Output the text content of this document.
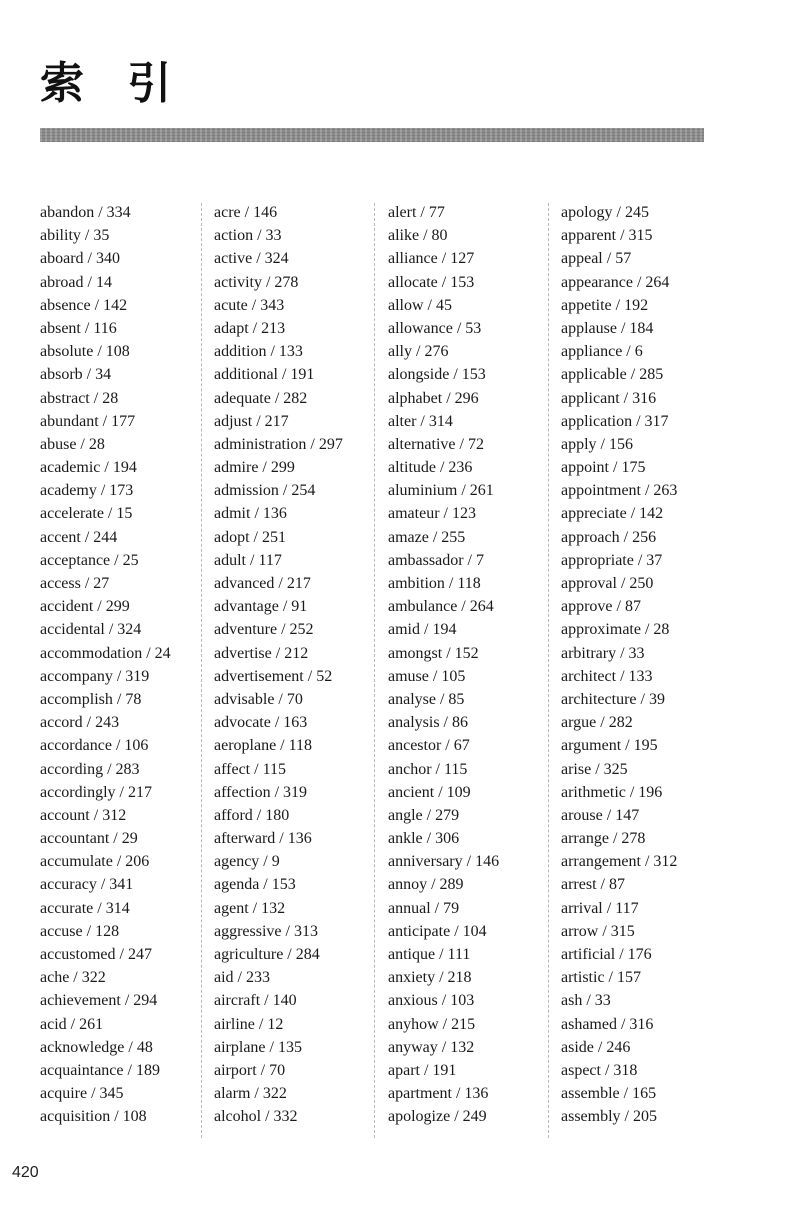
索 引
abandon / 334
ability / 35
aboard / 340
abroad / 14
absence / 142
absent / 116
absolute / 108
absorb / 34
abstract / 28
abundant / 177
abuse / 28
academic / 194
academy / 173
accelerate / 15
accent / 244
acceptance / 25
access / 27
accident / 299
accidental / 324
accommodation / 24
accompany / 319
accomplish / 78
accord / 243
accordance / 106
according / 283
accordingly / 217
account / 312
accountant / 29
accumulate / 206
accuracy / 341
accurate / 314
accuse / 128
accustomed / 247
ache / 322
achievement / 294
acid / 261
acknowledge / 48
acquaintance / 189
acquire / 345
acquisition / 108
acre / 146
action / 33
active / 324
activity / 278
acute / 343
adapt / 213
addition / 133
additional / 191
adequate / 282
adjust / 217
administration / 297
admire / 299
admission / 254
admit / 136
adopt / 251
adult / 117
advanced / 217
advantage / 91
adventure / 252
advertise / 212
advertisement / 52
advisable / 70
advocate / 163
aeroplane / 118
affect / 115
affection / 319
afford / 180
afterward / 136
agency / 9
agenda / 153
agent / 132
aggressive / 313
agriculture / 284
aid / 233
aircraft / 140
airline / 12
airplane / 135
airport / 70
alarm / 322
alcohol / 332
alert / 77
alike / 80
alliance / 127
allocate / 153
allow / 45
allowance / 53
ally / 276
alongside / 153
alphabet / 296
alter / 314
alternative / 72
altitude / 236
aluminium / 261
amateur / 123
amaze / 255
ambassador / 7
ambition / 118
ambulance / 264
amid / 194
amongst / 152
amuse / 105
analyse / 85
analysis / 86
ancestor / 67
anchor / 115
ancient / 109
angle / 279
ankle / 306
anniversary / 146
annoy / 289
annual / 79
anticipate / 104
antique / 111
anxiety / 218
anxious / 103
anyhow / 215
anyway / 132
apart / 191
apartment / 136
apologize / 249
apology / 245
apparent / 315
appeal / 57
appearance / 264
appetite / 192
applause / 184
appliance / 6
applicable / 285
applicant / 316
application / 317
apply / 156
appoint / 175
appointment / 263
appreciate / 142
approach / 256
appropriate / 37
approval / 250
approve / 87
approximate / 28
arbitrary / 33
architect / 133
architecture / 39
argue / 282
argument / 195
arise / 325
arithmetic / 196
arouse / 147
arrange / 278
arrangement / 312
arrest / 87
arrival / 117
arrow / 315
artificial / 176
artistic / 157
ash / 33
ashamed / 316
aside / 246
aspect / 318
assemble / 165
assembly / 205
420
